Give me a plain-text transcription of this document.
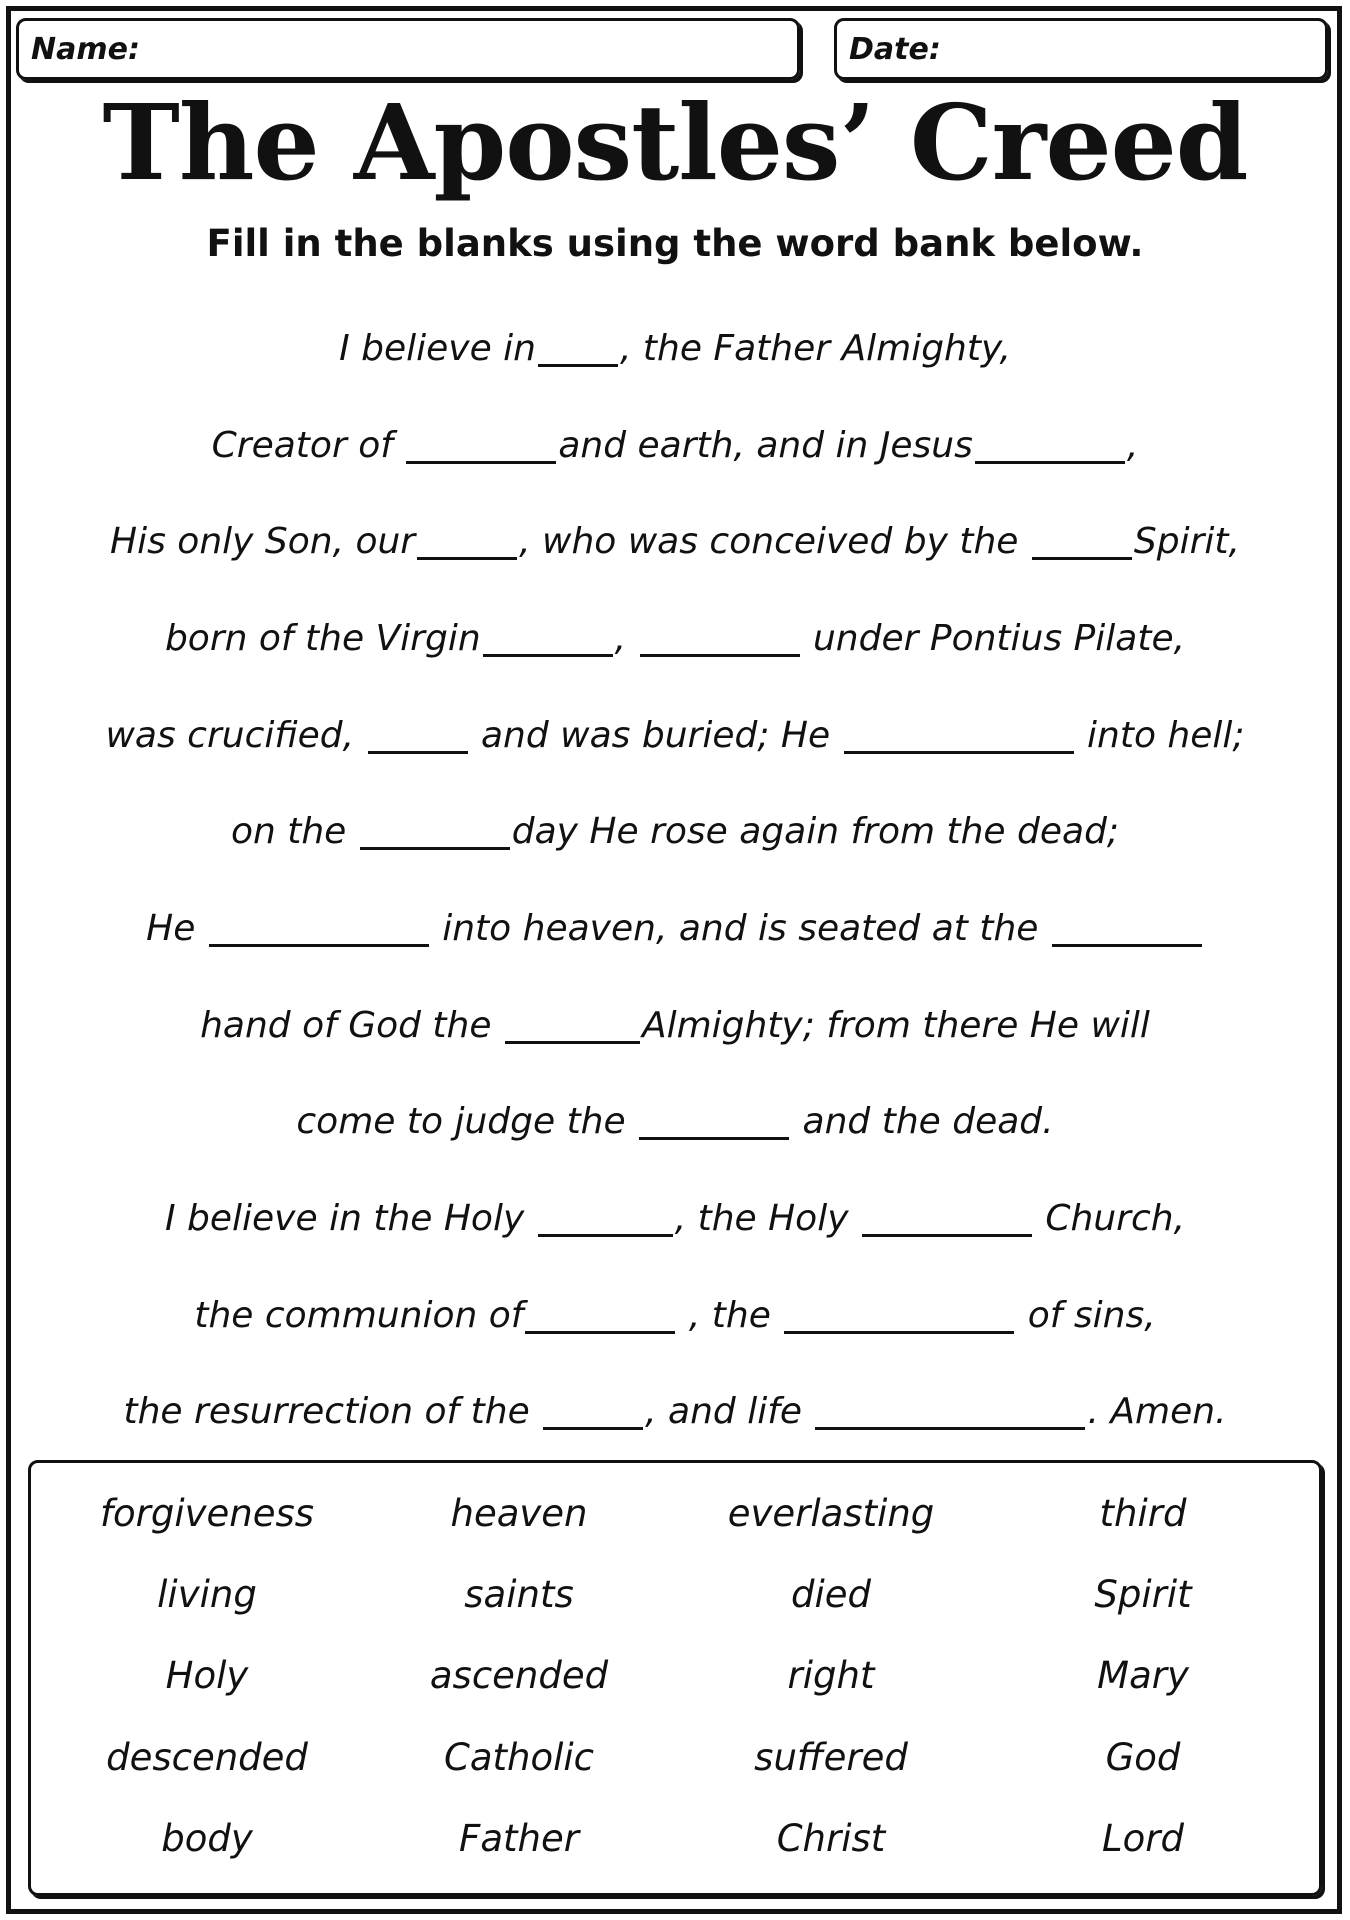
Name:	Date:
The Apostles’ Creed
Fill in the blanks using the word bank below.
I believe in , the Father Almighty,
Creator of	and earth, and in Jesus	,
His only Son, our	, who was conceived by the	Spirit,
born of the Virgin	,	under Pontius Pilate,
was crucified,	and was buried; He	into hell;
on the	day He rose again from the dead;
He	into heaven, and is seated at the
hand of God the	Almighty; from there He will
come to judge the	and the dead.
I believe in the Holy	, the Holy	Church,
the communion of	, the	of sins,
the resurrection of the	, and life	. Amen.
forgiveness	heaven	everlasting	third
living	saints	died	Spirit
Holy	ascended	right	Mary
descended	Catholic	suffered	God
body	Father	Christ	Lord
